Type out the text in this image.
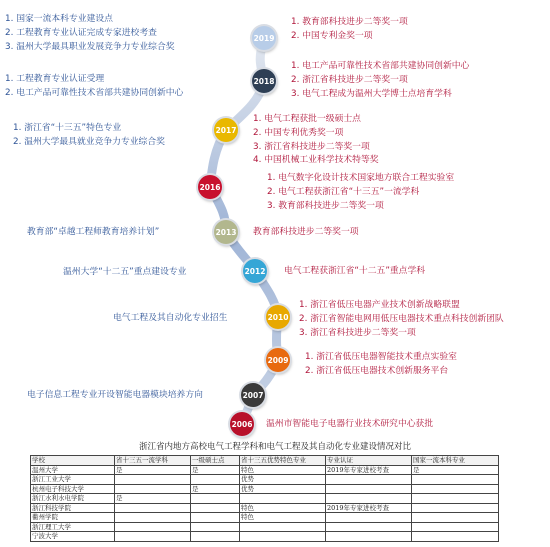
2019
2018
2017
2016
2013
2012
2010
2009
2007
2006
1. 国家一流本科专业建设点
2. 工程教育专业认证完成专家进校考查
3. 温州大学最具职业发展竞争力专业综合奖
1. 教育部科技进步二等奖一项
2. 中国专利金奖一项
1. 工程教育专业认证受理
2. 电工产品可靠性技术省部共建协同创新中心
1. 电工产品可靠性技术省部共建协同创新中心
2. 浙江省科技进步二等奖一项
3. 电气工程成为温州大学博士点培育学科
1. 浙江省“十三五”特色专业
2. 温州大学最具就业竞争力专业综合奖
1. 电气工程获批一级硕士点
2. 中国专利优秀奖一项
3. 浙江省科技进步二等奖一项
4. 中国机械工业科学技术特等奖
1. 电气数字化设计技术国家地方联合工程实验室
2. 电气工程获浙江省“十三五”一流学科
3. 教育部科技进步二等奖一项
教育部“卓越工程师教育培养计划”	教育部科技进步二等奖一项
温州大学“十二五”重点建设专业	电气工程获浙江省“十二五”重点学科
电气工程及其自动化专业招生
1. 浙江省低压电器产业技术创新战略联盟
2. 浙江省智能电网用低压电器技术重点科技创新团队
3. 浙江省科技进步二等奖一项
1. 浙江省低压电器智能技术重点实验室
2. 浙江省低压电器技术创新服务平台
电子信息工程专业开设智能电器模块培养方向
温州市智能电子电器行业技术研究中心获批
浙江省内地方高校电气工程学科和电气工程及其自动化专业建设情况对比
学校	省十三五一流学科	一级硕士点	省十三五优势特色专业	专业认证	国家一流本科专业
温州大学	是	是	特色	2019年专家进校考查	是
浙江工业大学			优势		
杭州电子科技大学		是	优势		
浙江水利水电学院	是				
浙江科技学院			特色	2019年专家进校考查	
衢州学院			特色		
浙江理工大学					
宁波大学					
